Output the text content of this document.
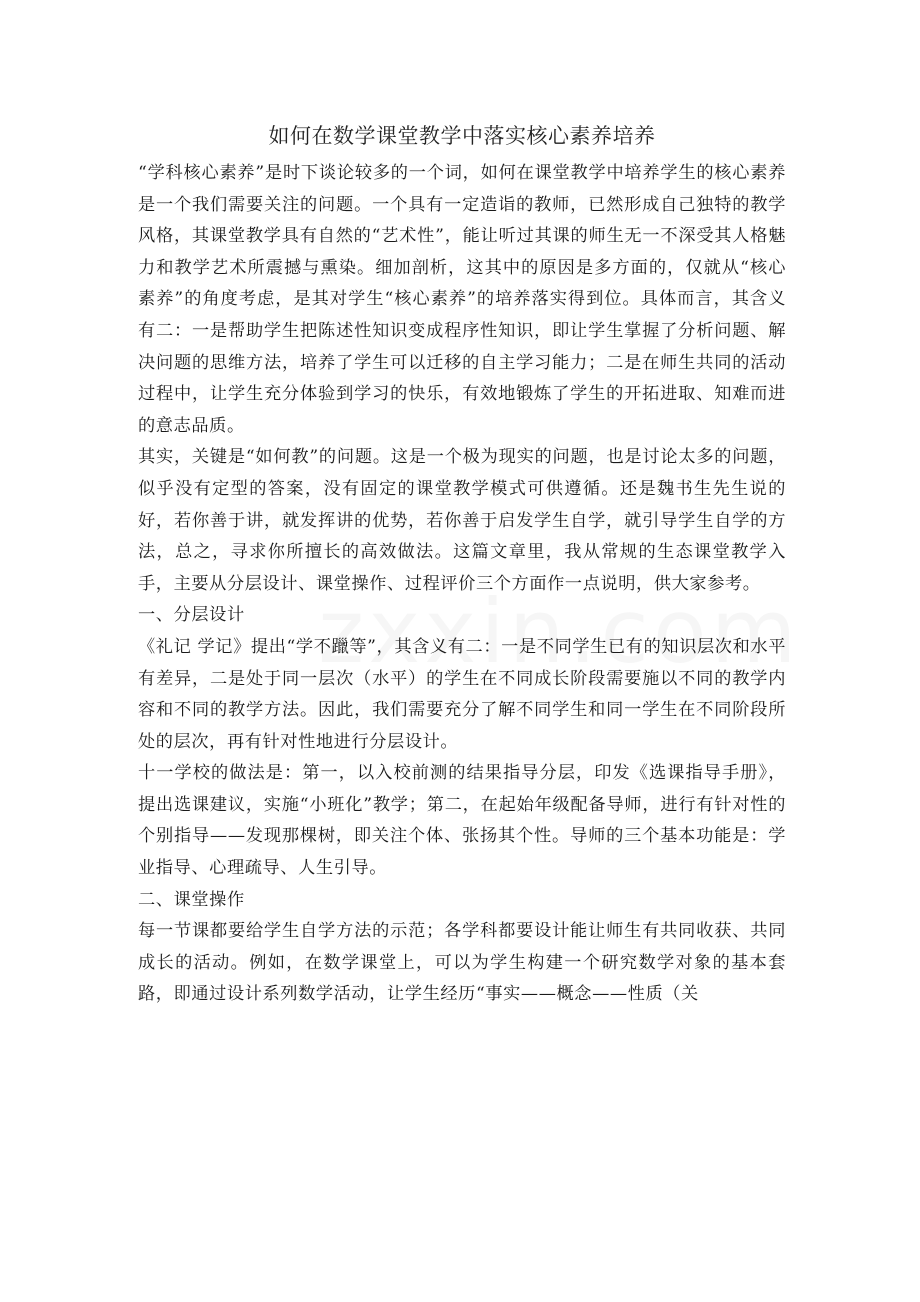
如何在数学课堂教学中落实核心素养培养

“学科核心素养”是时下谈论较多的一个词，如何在课堂教学中培养学生的核心素养是一个我们需要关注的问题。一个具有一定造诣的教师，已然形成自己独特的教学风格，其课堂教学具有自然的“艺术性”，能让听过其课的师生无一不深受其人格魅力和教学艺术所震撼与熏染。细加剖析，这其中的原因是多方面的，仅就从“核心素养”的角度考虑，是其对学生“核心素养”的培养落实得到位。具体而言，其含义有二：一是帮助学生把陈述性知识变成程序性知识，即让学生掌握了分析问题、解决问题的思维方法，培养了学生可以迁移的自主学习能力；二是在师生共同的活动过程中，让学生充分体验到学习的快乐，有效地锻炼了学生的开拓进取、知难而进的意志品质。

其实，关键是“如何教”的问题。这是一个极为现实的问题，也是讨论太多的问题，似乎没有定型的答案，没有固定的课堂教学模式可供遵循。还是魏书生先生说的好，若你善于讲，就发挥讲的优势，若你善于启发学生自学，就引导学生自学的方法，总之，寻求你所擅长的高效做法。这篇文章里，我从常规的生态课堂教学入手，主要从分层设计、课堂操作、过程评价三个方面作一点说明，供大家参考。

一、分层设计

《礼记 学记》提出“学不躐等”，其含义有二：一是不同学生已有的知识层次和水平有差异，二是处于同一层次（水平）的学生在不同成长阶段需要施以不同的教学内容和不同的教学方法。因此，我们需要充分了解不同学生和同一学生在不同阶段所处的层次，再有针对性地进行分层设计。

十一学校的做法是：第一，以入校前测的结果指导分层，印发《选课指导手册》，提出选课建议，实施“小班化”教学；第二，在起始年级配备导师，进行有针对性的个别指导——发现那棵树，即关注个体、张扬其个性。导师的三个基本功能是：学业指导、心理疏导、人生引导。

二、课堂操作

每一节课都要给学生自学方法的示范；各学科都要设计能让师生有共同收获、共同成长的活动。例如，在数学课堂上，可以为学生构建一个研究数学对象的基本套路，即通过设计系列数学活动，让学生经历“事实——概念——性质（关
